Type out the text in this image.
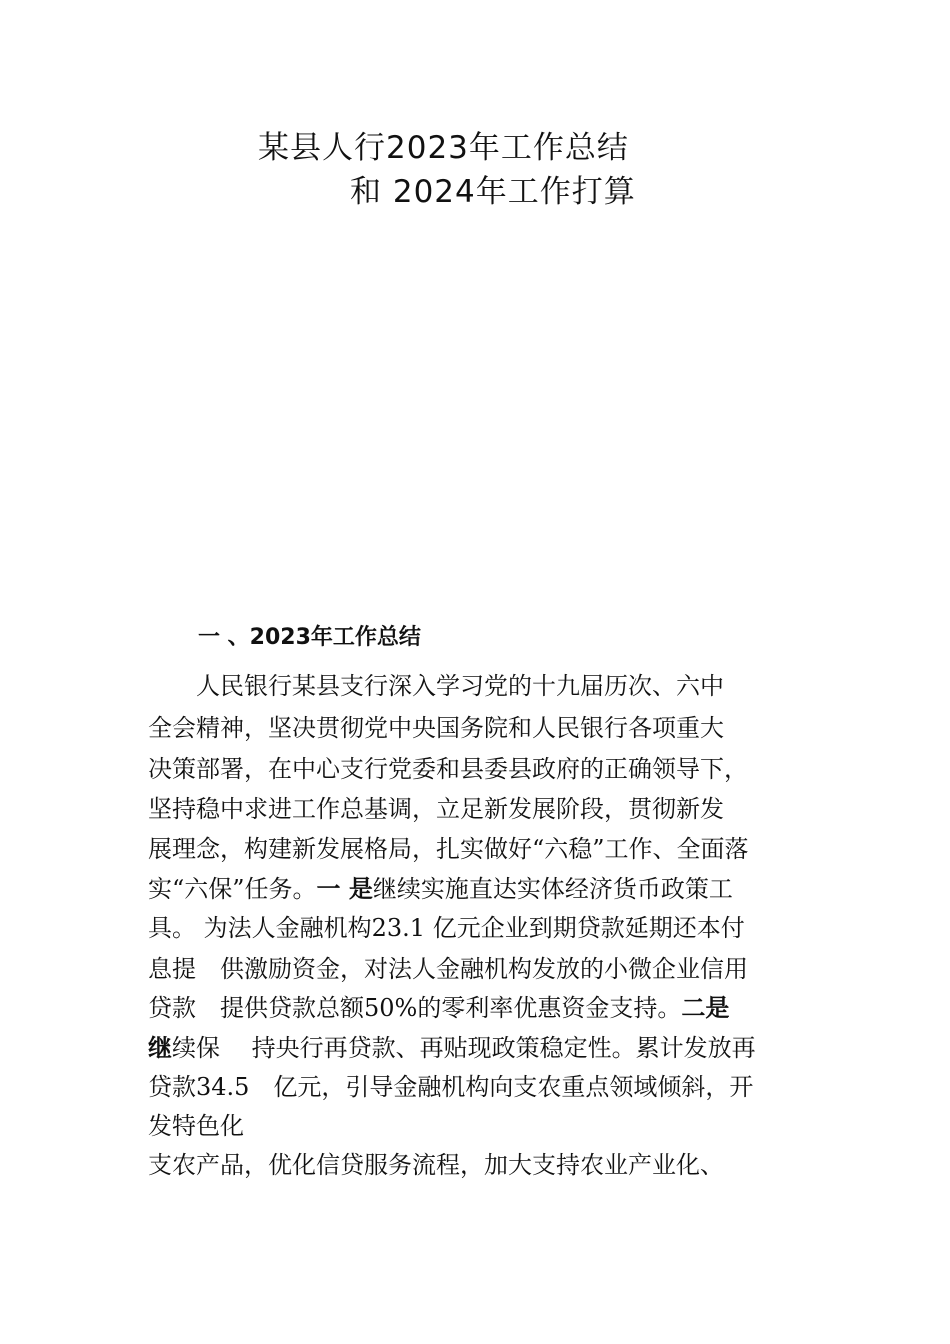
某县人行2023年工作总结
和 2024年工作打算
一 、2023年工作总结
　　人民银行某县支行深入学习党的十九届历次、六中
全会精神，坚决贯彻党中央国务院和人民银行各项重大
决策部署，在中心支行党委和县委县政府的正确领导下，
坚持稳中求进工作总基调，立足新发展阶段，贯彻新发
展理念，构建新发展格局，扎实做好“六稳”工作、全面落
实“六保”任务。一 是继续实施直达实体经济货币政策工
具。 为法人金融机构23.1 亿元企业到期贷款延期还本付
息提　供激励资金，对法人金融机构发放的小微企业信用
贷款　提供贷款总额50%的零利率优惠资金支持。二是
继续保　 持央行再贷款、再贴现政策稳定性。累计发放再
贷款34.5　亿元，引导金融机构向支农重点领域倾斜，开
发特色化
支农产品，优化信贷服务流程，加大支持农业产业化、
